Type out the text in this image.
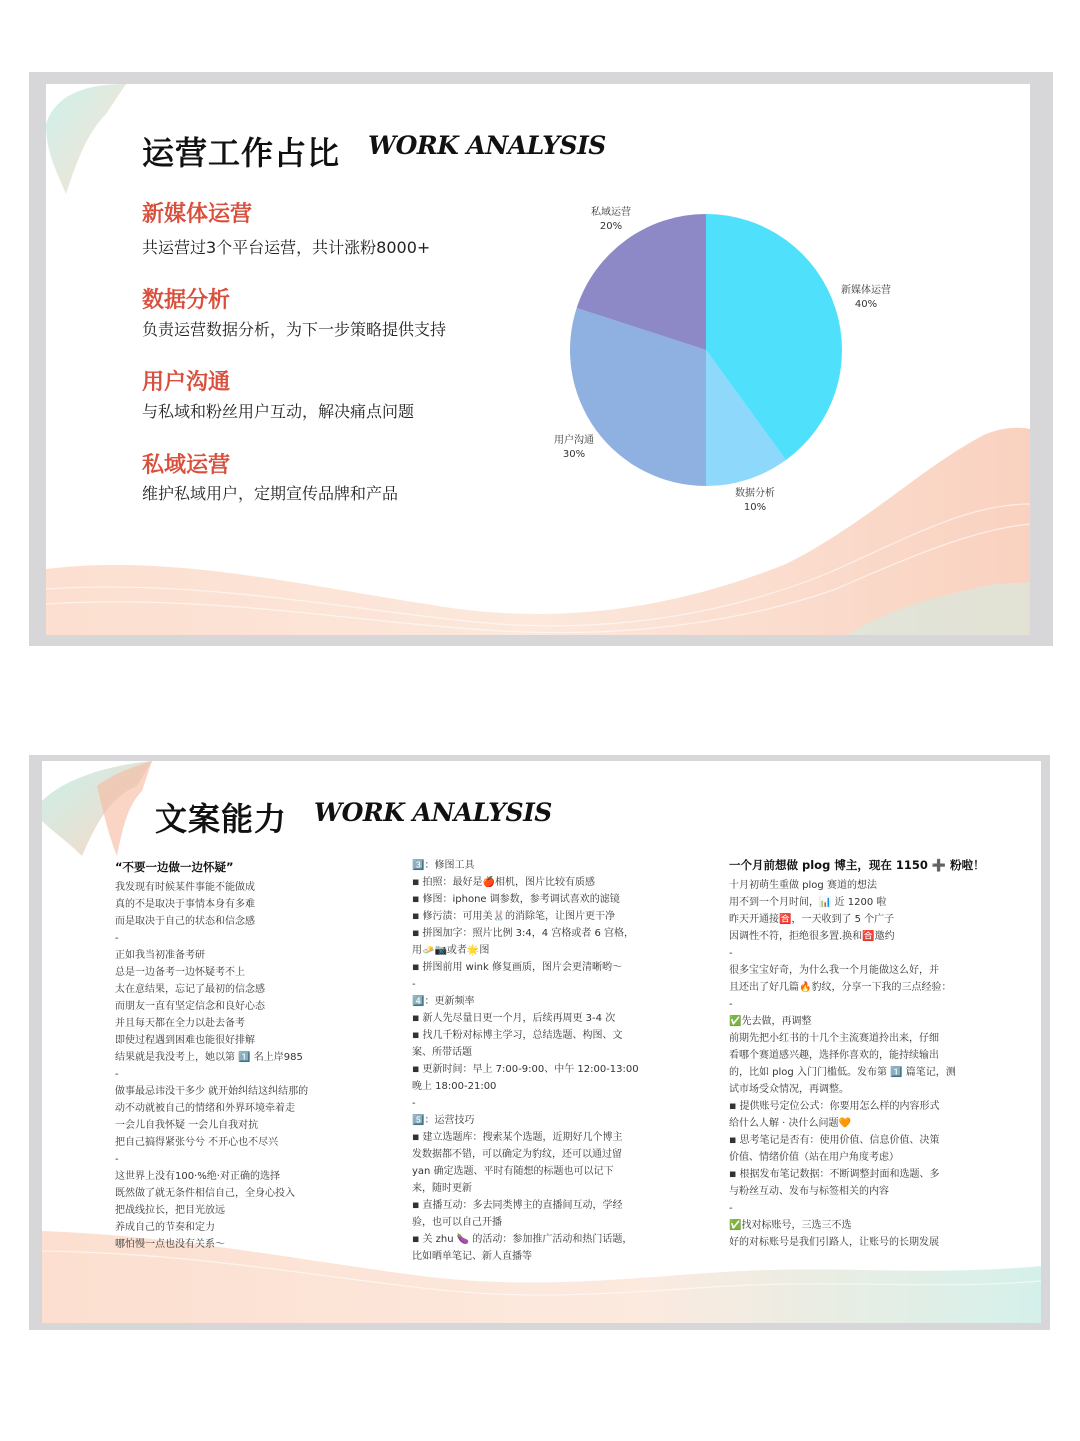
运营工作占比 WORK ANALYSIS
新媒体运营
共运营过3个平台运营，共计涨粉8000+
数据分析
负责运营数据分析，为下一步策略提供支持
用户沟通
与私域和粉丝用户互动，解决痛点问题
私域运营
维护私域用户，定期宣传品牌和产品
新媒体运营
40%
数据分析
10%
用户沟通
30%
私域运营
20%
文案能力 WORK ANALYSIS
“不要一边做一边怀疑”
我发现有时候某件事能不能做成
真的不是取决于事情本身有多难
而是取决于自己的状态和信念感
-
正如我当初准备考研
总是一边备考一边怀疑考不上
太在意结果，忘记了最初的信念感
而朋友一直有坚定信念和良好心态
并且每天都在全力以赴去备考
即使过程遇到困难也能很好排解
结果就是我没考上，她以第 1️⃣ 名上岸985
-
做事最忌讳没干多少 就开始纠结这纠结那的
动不动就被自己的情绪和外界环境牵着走
一会儿自我怀疑 一会儿自我对抗
把自己搞得紧张兮兮 不开心也不尽兴
-
这世界上没有100·%绝·对正确的选择
既然做了就无条件相信自己，全身心投入
把战线拉长，把目光放远
养成自己的节奏和定力
哪怕慢一点也没有关系～
3️⃣：修图工具
◾ 拍照：最好是🍎相机，图片比较有质感
◾ 修图：iphone 调参数，参考调试喜欢的滤镜
◾ 修污渍：可用美🐰的消除笔，让图片更干净
◾ 拼图加字：照片比例 3:4，4 宫格或者 6 宫格，
用🧈📷或者🌟图
◾ 拼图前用 wink 修复画质，图片会更清晰哟～
-
4️⃣：更新频率
◾ 新人先尽量日更一个月，后续再周更 3-4 次
◾ 找几千粉对标博主学习，总结选题、构图、文
案、所带话题
◾ 更新时间：早上 7:00-9:00、中午 12:00-13:00
晚上 18:00-21:00
-
5️⃣：运营技巧
◾ 建立选题库：搜索某个选题，近期好几个博主
发数据都不错，可以确定为豹纹，还可以通过留
yan 确定选题、平时有随想的标题也可以记下
来，随时更新
◾ 直播互动：多去同类博主的直播间互动，学经
验，也可以自己开播
◾ 关 zhu 🍆 的活动：参加推广活动和热门话题，
比如晒单笔记、新人直播等
一个月前想做 plog 博主，现在 1150 ➕ 粉啦！
十月初萌生重做 plog 赛道的想法
用不到一个月时间，📊 近 1200 啦
昨天开通接🈴，一天收到了 5 个广子
因调性不符，拒绝很多置.换和🈴邀约
-
很多宝宝好奇，为什么我一个月能做这么好，并
且还出了好几篇🔥豹纹，分享一下我的三点经验：
-
✅先去做，再调整
前期先把小红书的十几个主流赛道拎出来，仔细
看哪个赛道感兴趣，选择你喜欢的，能持续输出
的，比如 plog 入门门槛低。发布第 1️⃣ 篇笔记，测
试市场受众情况，再调整。
◾ 提供账号定位公式：你要用怎么样的内容形式
给什么人解 · 决什么问题🧡
◾ 思考笔记是否有：使用价值、信息价值、决策
价值、情绪价值（站在用户角度考虑）
◾ 根据发布笔记数据：不断调整封面和选题、多
与粉丝互动、发布与标签相关的内容
-
✅找对标账号，三选三不选
好的对标账号是我们引路人，让账号的长期发展
